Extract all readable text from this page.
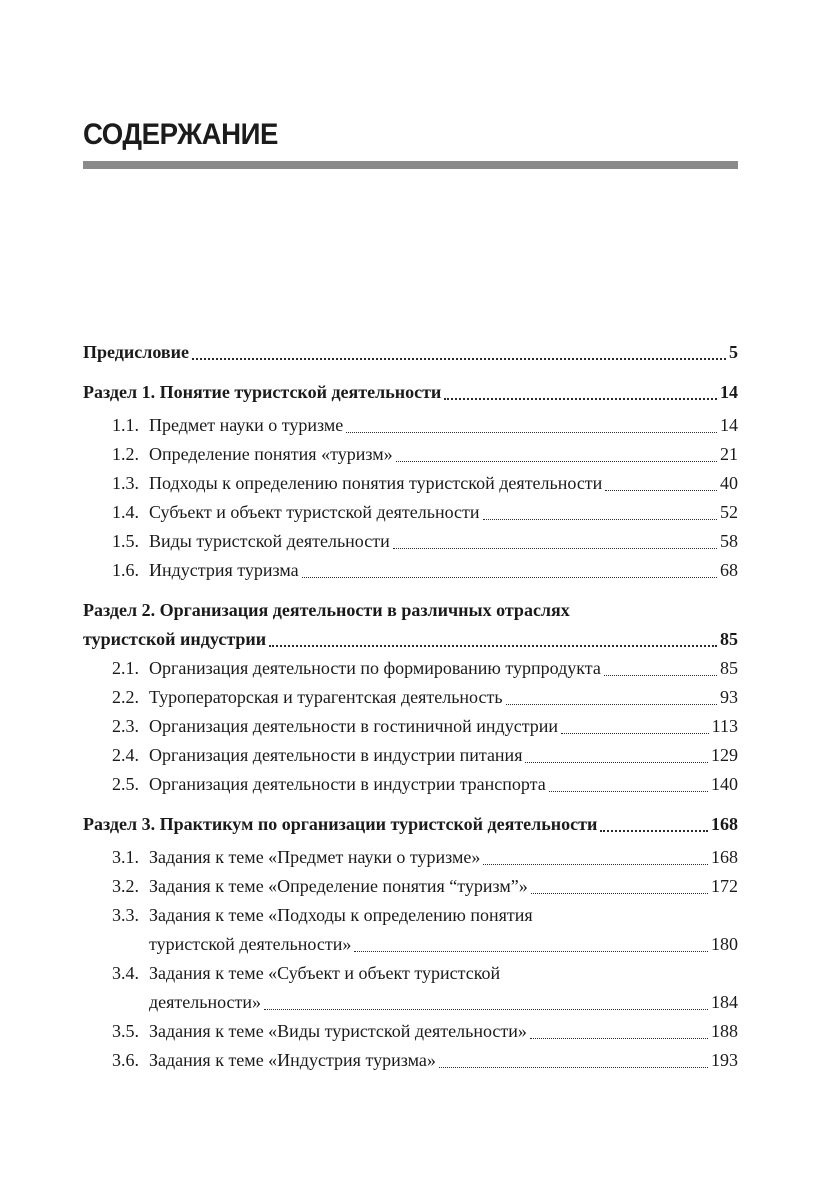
СОДЕРЖАНИЕ
Предисловие	5
Раздел 1. Понятие туристской деятельности	14
1.1. Предмет науки о туризме	14
1.2. Определение понятия «туризм»	21
1.3. Подходы к определению понятия туристской деятельности	40
1.4. Субъект и объект туристской деятельности	52
1.5. Виды туристской деятельности	58
1.6. Индустрия туризма	68
Раздел 2. Организация деятельности в различных отраслях
туристской индустрии	85
2.1. Организация деятельности по формированию турпродукта	85
2.2. Туроператорская и турагентская деятельность	93
2.3. Организация деятельности в гостиничной индустрии	113
2.4. Организация деятельности в индустрии питания	129
2.5. Организация деятельности в индустрии транспорта	140
Раздел 3. Практикум по организации туристской деятельности	168
3.1. Задания к теме «Предмет науки о туризме»	168
3.2. Задания к теме «Определение понятия “туризм”»	172
3.3. Задания к теме «Подходы к определению понятия
туристской деятельности»	180
3.4. Задания к теме «Субъект и объект туристской
деятельности»	184
3.5. Задания к теме «Виды туристской деятельности»	188
3.6. Задания к теме «Индустрия туризма»	193
